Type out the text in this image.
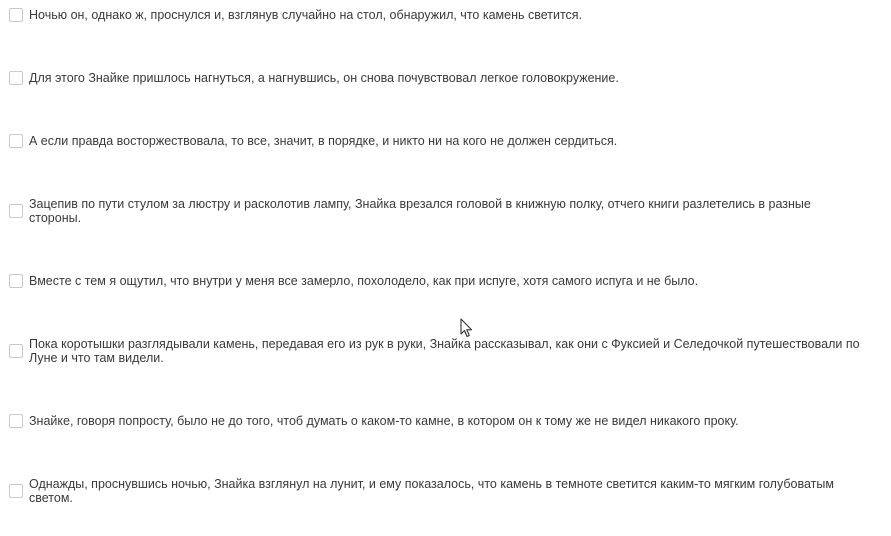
Ночью он, однако ж, проснулся и, взглянув случайно на стол, обнаружил, что камень светится.
Для этого Знайке пришлось нагнуться, а нагнувшись, он снова почувствовал легкое головокружение.
А если правда восторжествовала, то все, значит, в порядке, и никто ни на кого не должен сердиться.
Зацепив по пути стулом за люстру и расколотив лампу, Знайка врезался головой в книжную полку, отчего книги разлетелись в разные стороны.
Вместе с тем я ощутил, что внутри у меня все замерло, похолодело, как при испуге, хотя самого испуга и не было.
Пока коротышки разглядывали камень, передавая его из рук в руки, Знайка рассказывал, как они с Фуксией и Селедочкой путешествовали по Луне и что там видели.
Знайке, говоря попросту, было не до того, чтоб думать о каком-то камне, в котором он к тому же не видел никакого проку.
Однажды, проснувшись ночью, Знайка взглянул на лунит, и ему показалось, что камень в темноте светится каким-то мягким голубоватым светом.
